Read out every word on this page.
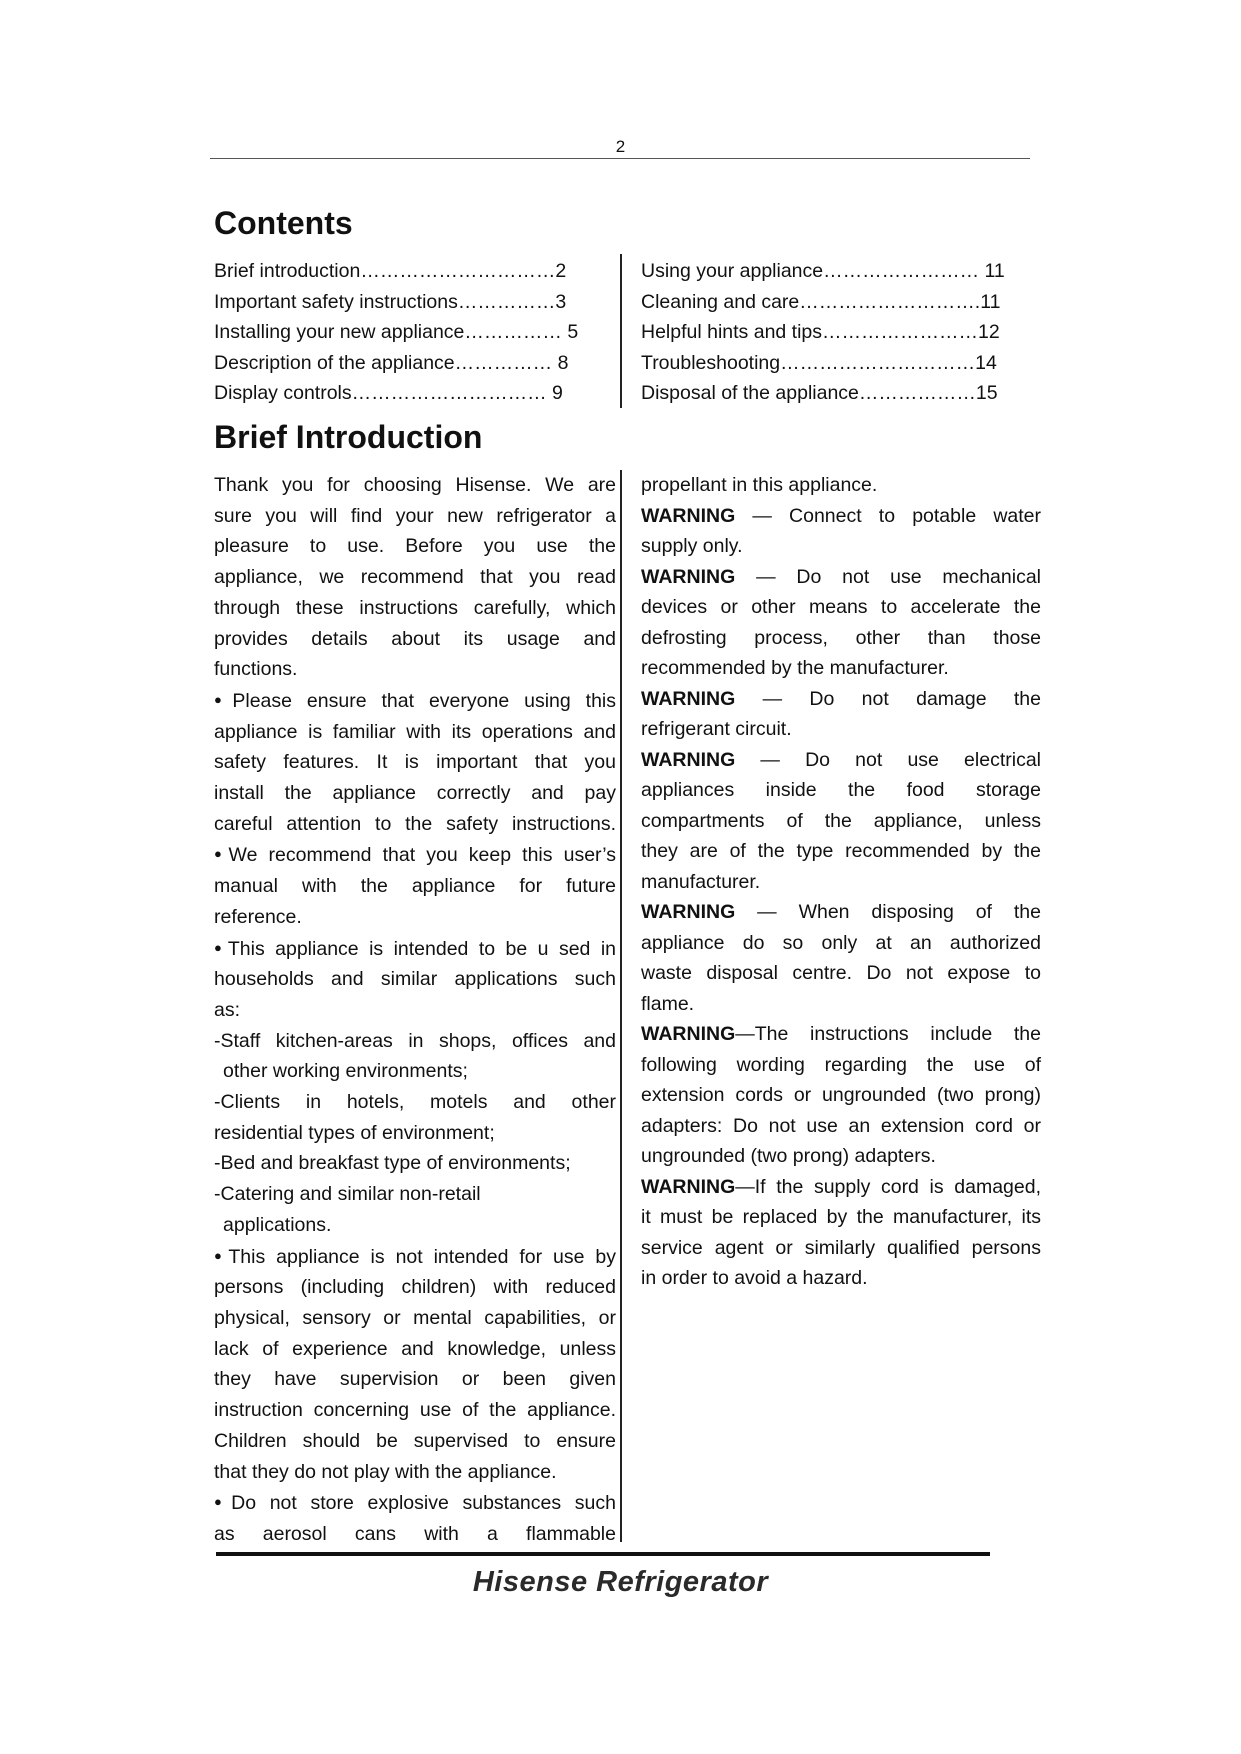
2
Contents
Brief introduction…………………………2
Important safety instructions……………3
Installing your new appliance…………… 5
Description of the appliance…………… 8
Display controls………………………… 9
Using your appliance…………………… 11
Cleaning and care……………………….11
Helpful hints and tips……………………12
Troubleshooting…………………………14
Disposal of the appliance………………15
Brief Introduction

Thank you for choosing Hisense. We are

sure you will find your new refrigerator a

pleasure to use. Before you use the

appliance, we recommend that you read

through these instructions carefully, which

provides details about its usage and

functions.

● Please ensure that everyone using this

appliance is familiar with its operations and

safety features. It is important that you

install the appliance correctly and pay

careful attention to the safety instructions.

● We recommend that you keep this user’s

manual with the appliance for future

reference.

● This appliance is intended to be u sed in

households and similar applications such

as:

-Staff kitchen-areas in shops, offices and

other working environments;

-Clients in hotels, motels and other

residential types of environment;

-Bed and breakfast type of environments;

-Catering and similar non-retail

applications.

● This appliance is not intended for use by

persons (including children) with reduced

physical, sensory or mental capabilities, or

lack of experience and knowledge, unless

they have supervision or been given

instruction concerning use of the appliance.

Children should be supervised to ensure

that they do not play with the appliance.

● Do not store explosive substances such

as aerosol cans with a flammable

propellant in this appliance.

WARNING — Connect to potable water

supply only.

WARNING — Do not use mechanical

devices or other means to accelerate the

defrosting process, other than those

recommended by the manufacturer.

WARNING — Do not damage the

refrigerant circuit.

WARNING — Do not use electrical

appliances inside the food storage

compartments of the appliance, unless

they are of the type recommended by the

manufacturer.

WARNING — When disposing of the

appliance do so only at an authorized

waste disposal centre. Do not expose to

flame.

WARNING—The instructions include the

following wording regarding the use of

extension cords or ungrounded (two prong)

adapters: Do not use an extension cord or

ungrounded (two prong) adapters.

WARNING—If the supply cord is damaged,

it must be replaced by the manufacturer, its

service agent or similarly qualified persons

in order to avoid a hazard.

Hisense Refrigerator
